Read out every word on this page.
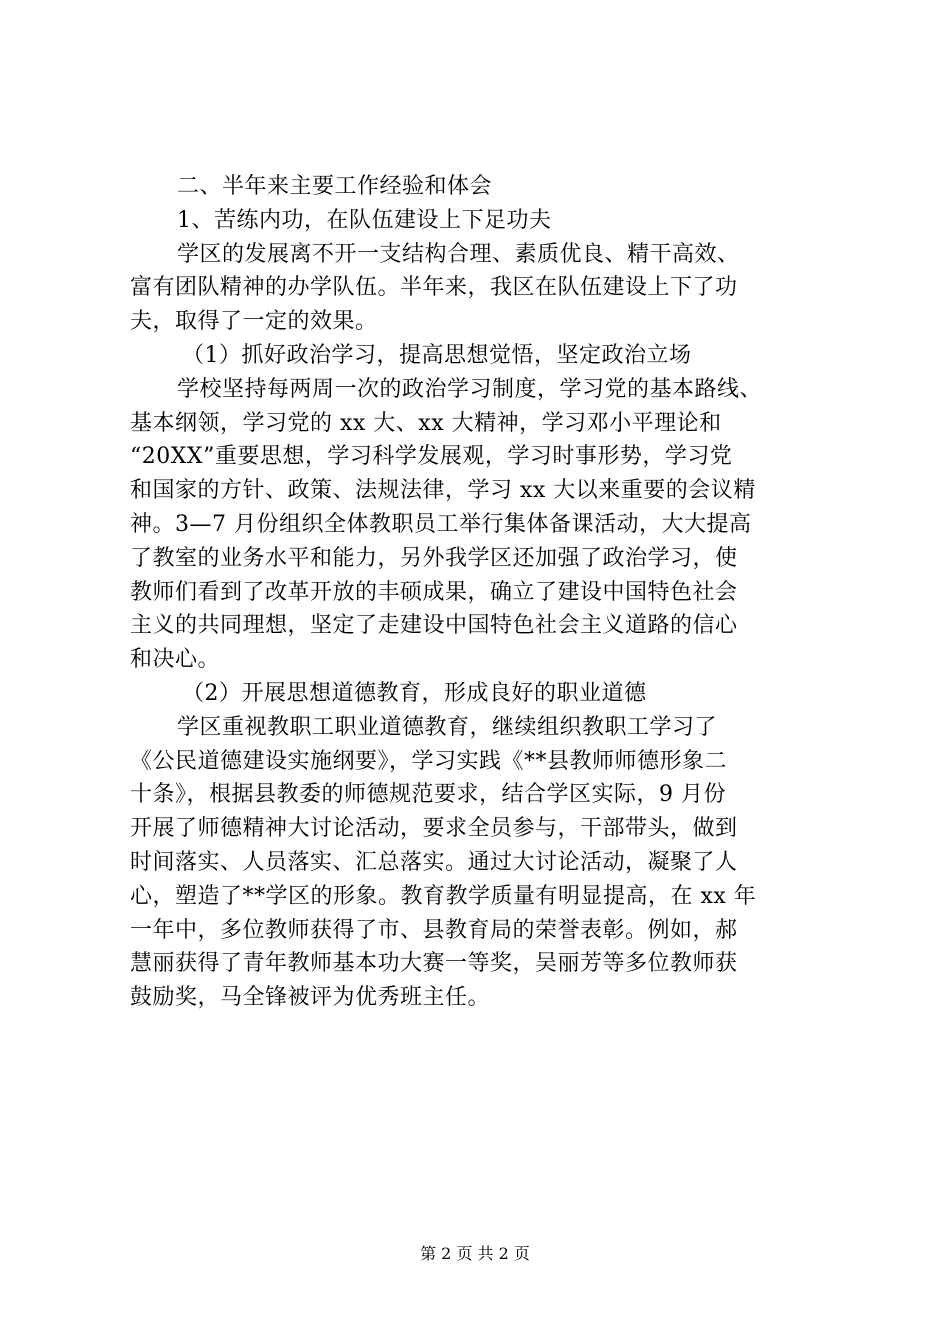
二、半年来主要工作经验和体会
1、苦练内功，在队伍建设上下足功夫
学区的发展离不开一支结构合理、素质优良、精干高效、
富有团队精神的办学队伍。半年来，我区在队伍建设上下了功
夫，取得了一定的效果。
（1）抓好政治学习，提高思想觉悟，坚定政治立场
学校坚持每两周一次的政治学习制度，学习党的基本路线、
基本纲领，学习党的 xx 大、xx 大精神，学习邓小平理论和
“20XX”重要思想，学习科学发展观，学习时事形势，学习党
和国家的方针、政策、法规法律，学习 xx 大以来重要的会议精
神。3—7 月份组织全体教职员工举行集体备课活动，大大提高
了教室的业务水平和能力，另外我学区还加强了政治学习，使
教师们看到了改革开放的丰硕成果，确立了建设中国特色社会
主义的共同理想，坚定了走建设中国特色社会主义道路的信心
和决心。
（2）开展思想道德教育，形成良好的职业道德
学区重视教职工职业道德教育，继续组织教职工学习了
《公民道德建设实施纲要》，学习实践《**县教师师德形象二
十条》，根据县教委的师德规范要求，结合学区实际，9 月份
开展了师德精神大讨论活动，要求全员参与，干部带头，做到
时间落实、人员落实、汇总落实。通过大讨论活动，凝聚了人
心，塑造了**学区的形象。教育教学质量有明显提高，在 xx 年
一年中，多位教师获得了市、县教育局的荣誉表彰。例如，郝
慧丽获得了青年教师基本功大赛一等奖，吴丽芳等多位教师获
鼓励奖，马全锋被评为优秀班主任。
第 2 页 共 2 页
